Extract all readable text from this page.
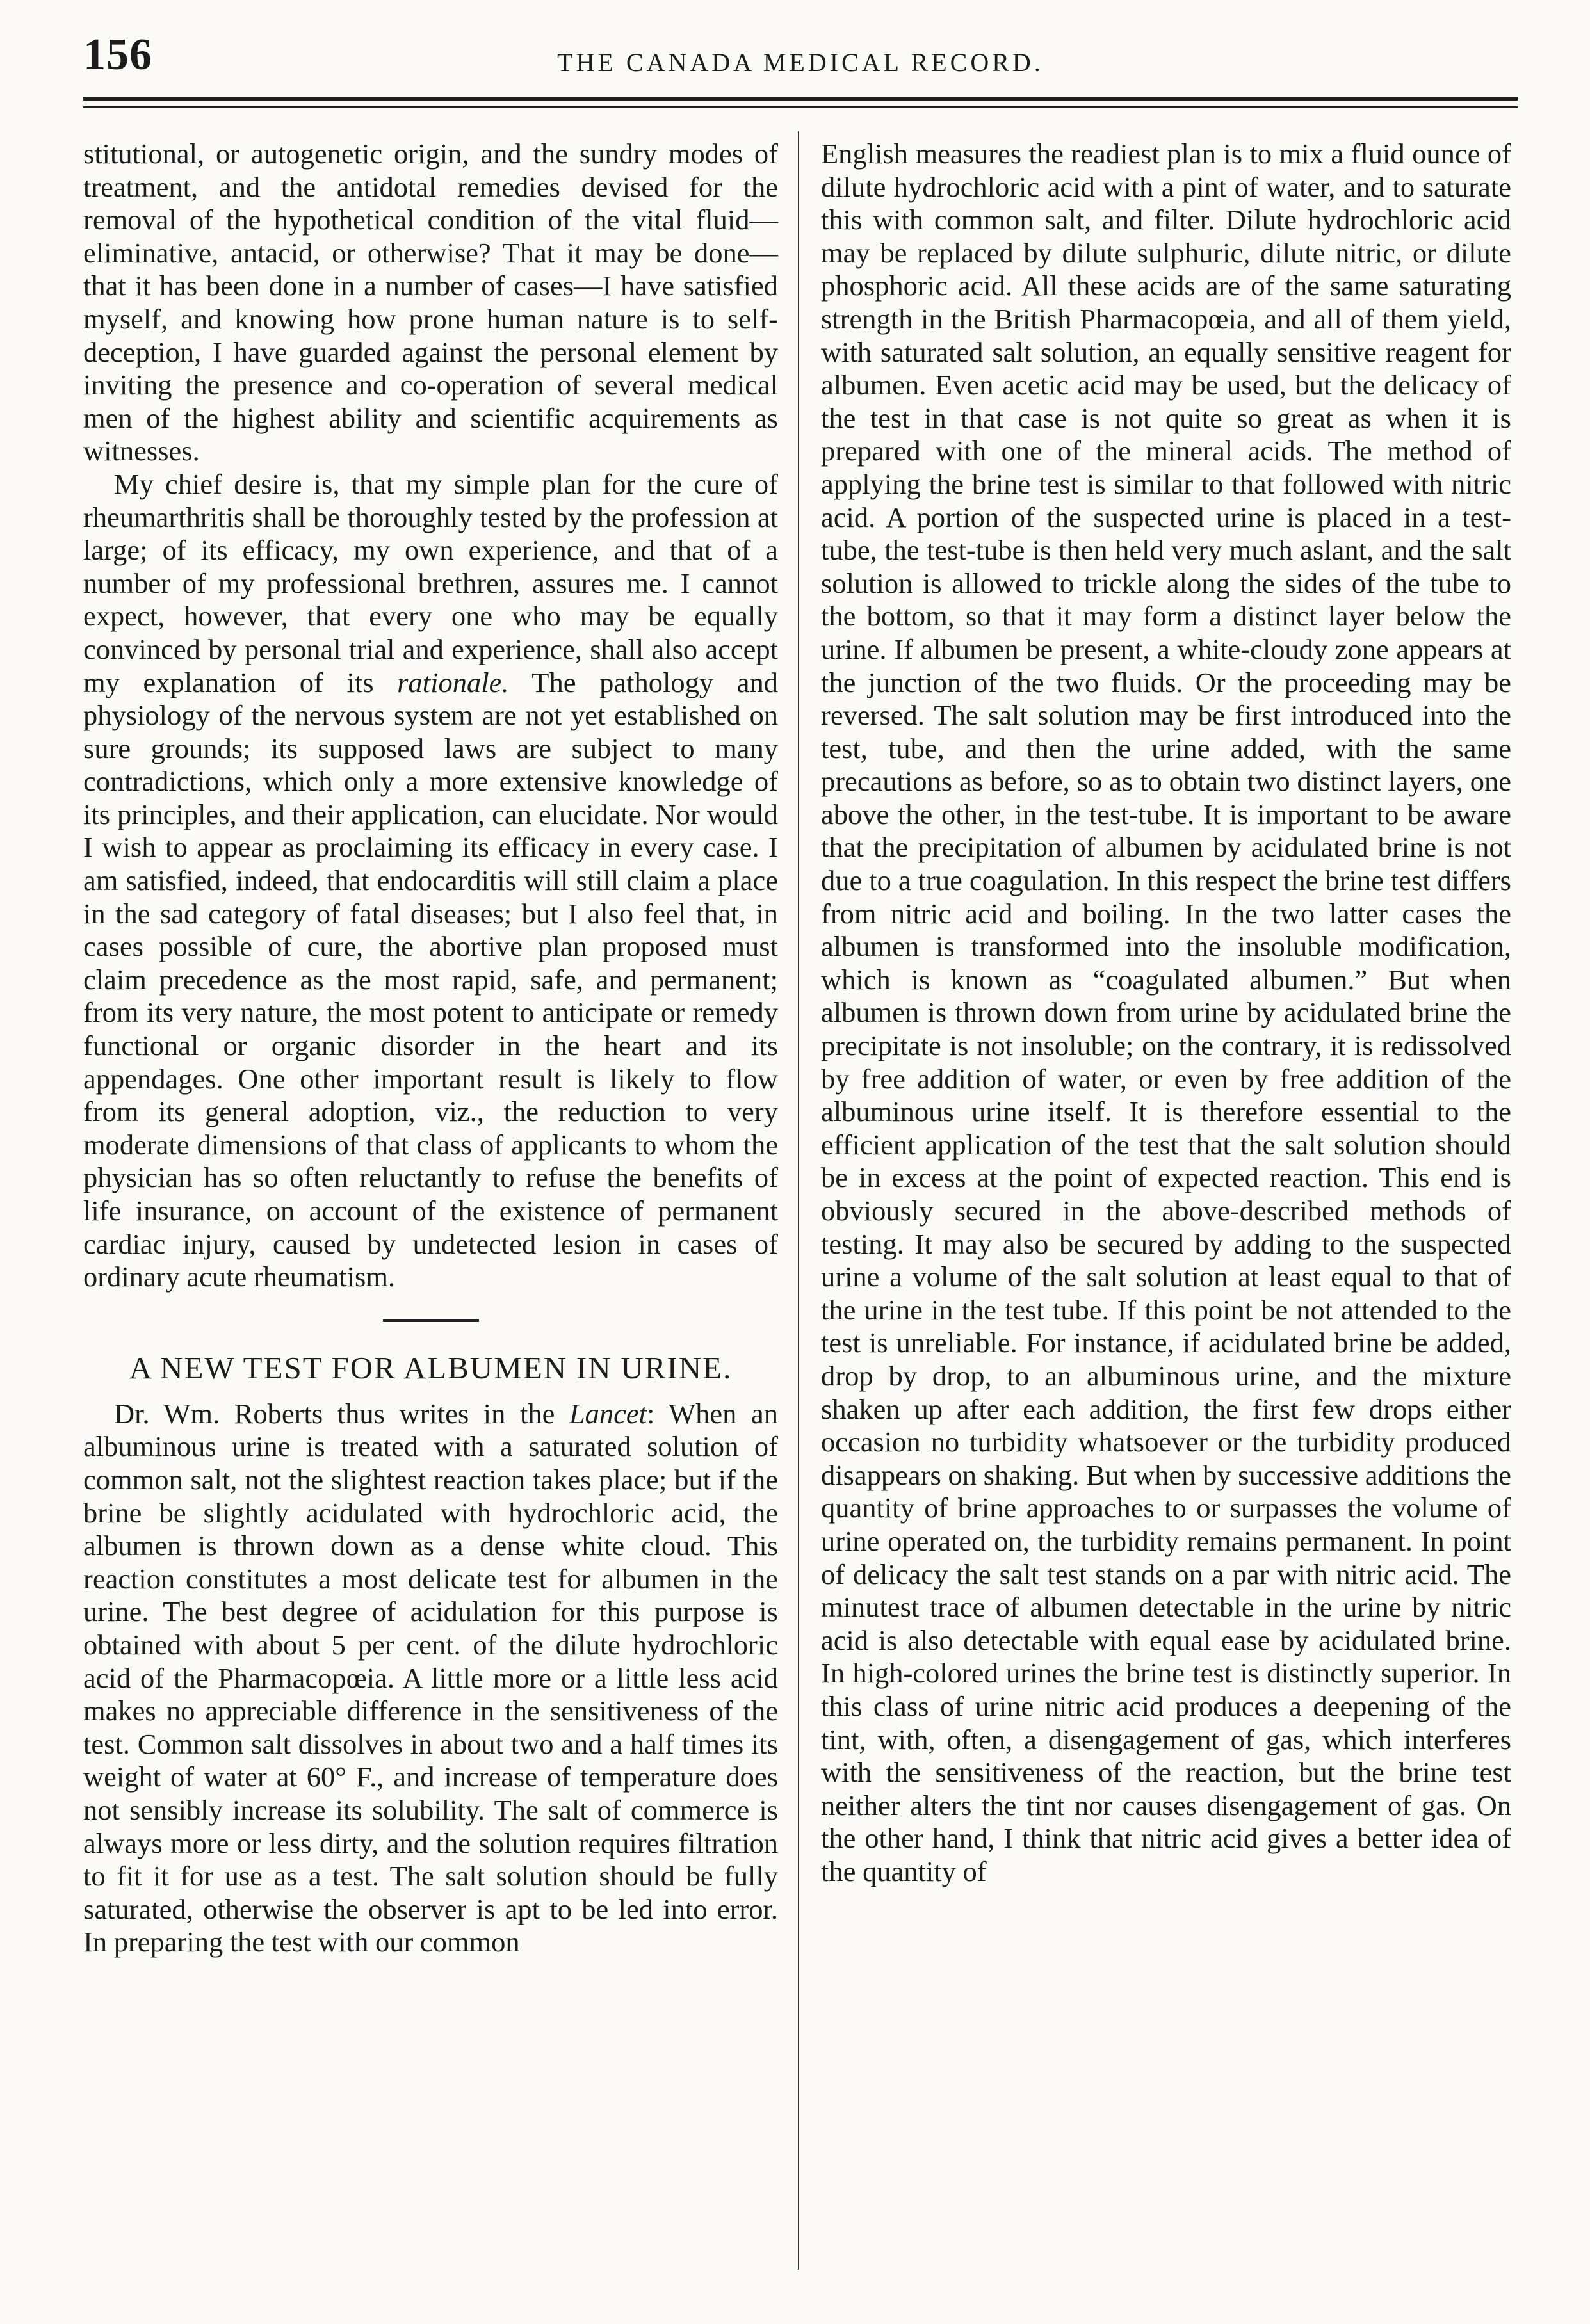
156	THE CANADA MEDICAL RECORD.

stitutional, or autogenetic origin, and the sundry modes of treatment, and the antidotal remedies devised for the removal of the hypothetical condition of the vital fluid—eliminative, antacid, or otherwise? That it may be done—that it has been done in a number of cases—I have satisfied myself, and knowing how prone human nature is to self-deception, I have guarded against the personal element by inviting the presence and co-operation of several medical men of the highest ability and scientific acquirements as witnesses.

My chief desire is, that my simple plan for the cure of rheumarthritis shall be thoroughly tested by the profession at large; of its efficacy, my own experience, and that of a number of my professional brethren, assures me. I cannot expect, however, that every one who may be equally convinced by personal trial and experience, shall also accept my explanation of its rationale. The pathology and physiology of the nervous system are not yet established on sure grounds; its supposed laws are subject to many contradictions, which only a more extensive knowledge of its principles, and their application, can elucidate. Nor would I wish to appear as proclaiming its efficacy in every case. I am satisfied, indeed, that endocarditis will still claim a place in the sad category of fatal diseases; but I also feel that, in cases possible of cure, the abortive plan proposed must claim precedence as the most rapid, safe, and permanent; from its very nature, the most potent to anticipate or remedy functional or organic disorder in the heart and its appendages. One other important result is likely to flow from its general adoption, viz., the reduction to very moderate dimensions of that class of applicants to whom the physician has so often reluctantly to refuse the benefits of life insurance, on account of the existence of permanent cardiac injury, caused by undetected lesion in cases of ordinary acute rheumatism.

A NEW TEST FOR ALBUMEN IN URINE.

Dr. Wm. Roberts thus writes in the Lancet: When an albuminous urine is treated with a saturated solution of common salt, not the slightest reaction takes place; but if the brine be slightly acidulated with hydrochloric acid, the albumen is thrown down as a dense white cloud. This reaction constitutes a most delicate test for albumen in the urine. The best degree of acidulation for this purpose is obtained with about 5 per cent. of the dilute hydrochloric acid of the Pharmacopœia. A little more or a little less acid makes no appreciable difference in the sensitiveness of the test. Common salt dissolves in about two and a half times its weight of water at 60° F., and increase of temperature does not sensibly increase its solubility. The salt of commerce is always more or less dirty, and the solution requires filtration to fit it for use as a test. The salt solution should be fully saturated, otherwise the observer is apt to be led into error. In preparing the test with our common

English measures the readiest plan is to mix a fluid ounce of dilute hydrochloric acid with a pint of water, and to saturate this with common salt, and filter. Dilute hydrochloric acid may be replaced by dilute sulphuric, dilute nitric, or dilute phosphoric acid. All these acids are of the same saturating strength in the British Pharmacopœia, and all of them yield, with saturated salt solution, an equally sensitive reagent for albumen. Even acetic acid may be used, but the delicacy of the test in that case is not quite so great as when it is prepared with one of the mineral acids. The method of applying the brine test is similar to that followed with nitric acid. A portion of the suspected urine is placed in a test-tube, the test-tube is then held very much aslant, and the salt solution is allowed to trickle along the sides of the tube to the bottom, so that it may form a distinct layer below the urine. If albumen be present, a white-cloudy zone appears at the junction of the two fluids. Or the proceeding may be reversed. The salt solution may be first introduced into the test, tube, and then the urine added, with the same precautions as before, so as to obtain two distinct layers, one above the other, in the test-tube. It is important to be aware that the precipitation of albumen by acidulated brine is not due to a true coagulation. In this respect the brine test differs from nitric acid and boiling. In the two latter cases the albumen is transformed into the insoluble modification, which is known as “coagulated albumen.” But when albumen is thrown down from urine by acidulated brine the precipitate is not insoluble; on the contrary, it is redissolved by free addition of water, or even by free addition of the albuminous urine itself. It is therefore essential to the efficient application of the test that the salt solution should be in excess at the point of expected reaction. This end is obviously secured in the above-described methods of testing. It may also be secured by adding to the suspected urine a volume of the salt solution at least equal to that of the urine in the test tube. If this point be not attended to the test is unreliable. For instance, if acidulated brine be added, drop by drop, to an albuminous urine, and the mixture shaken up after each addition, the first few drops either occasion no turbidity whatsoever or the turbidity produced disappears on shaking. But when by successive additions the quantity of brine approaches to or surpasses the volume of urine operated on, the turbidity remains permanent. In point of delicacy the salt test stands on a par with nitric acid. The minutest trace of albumen detectable in the urine by nitric acid is also detectable with equal ease by acidulated brine. In high-colored urines the brine test is distinctly superior. In this class of urine nitric acid produces a deepening of the tint, with, often, a disengagement of gas, which interferes with the sensitiveness of the reaction, but the brine test neither alters the tint nor causes disengagement of gas. On the other hand, I think that nitric acid gives a better idea of the quantity of
